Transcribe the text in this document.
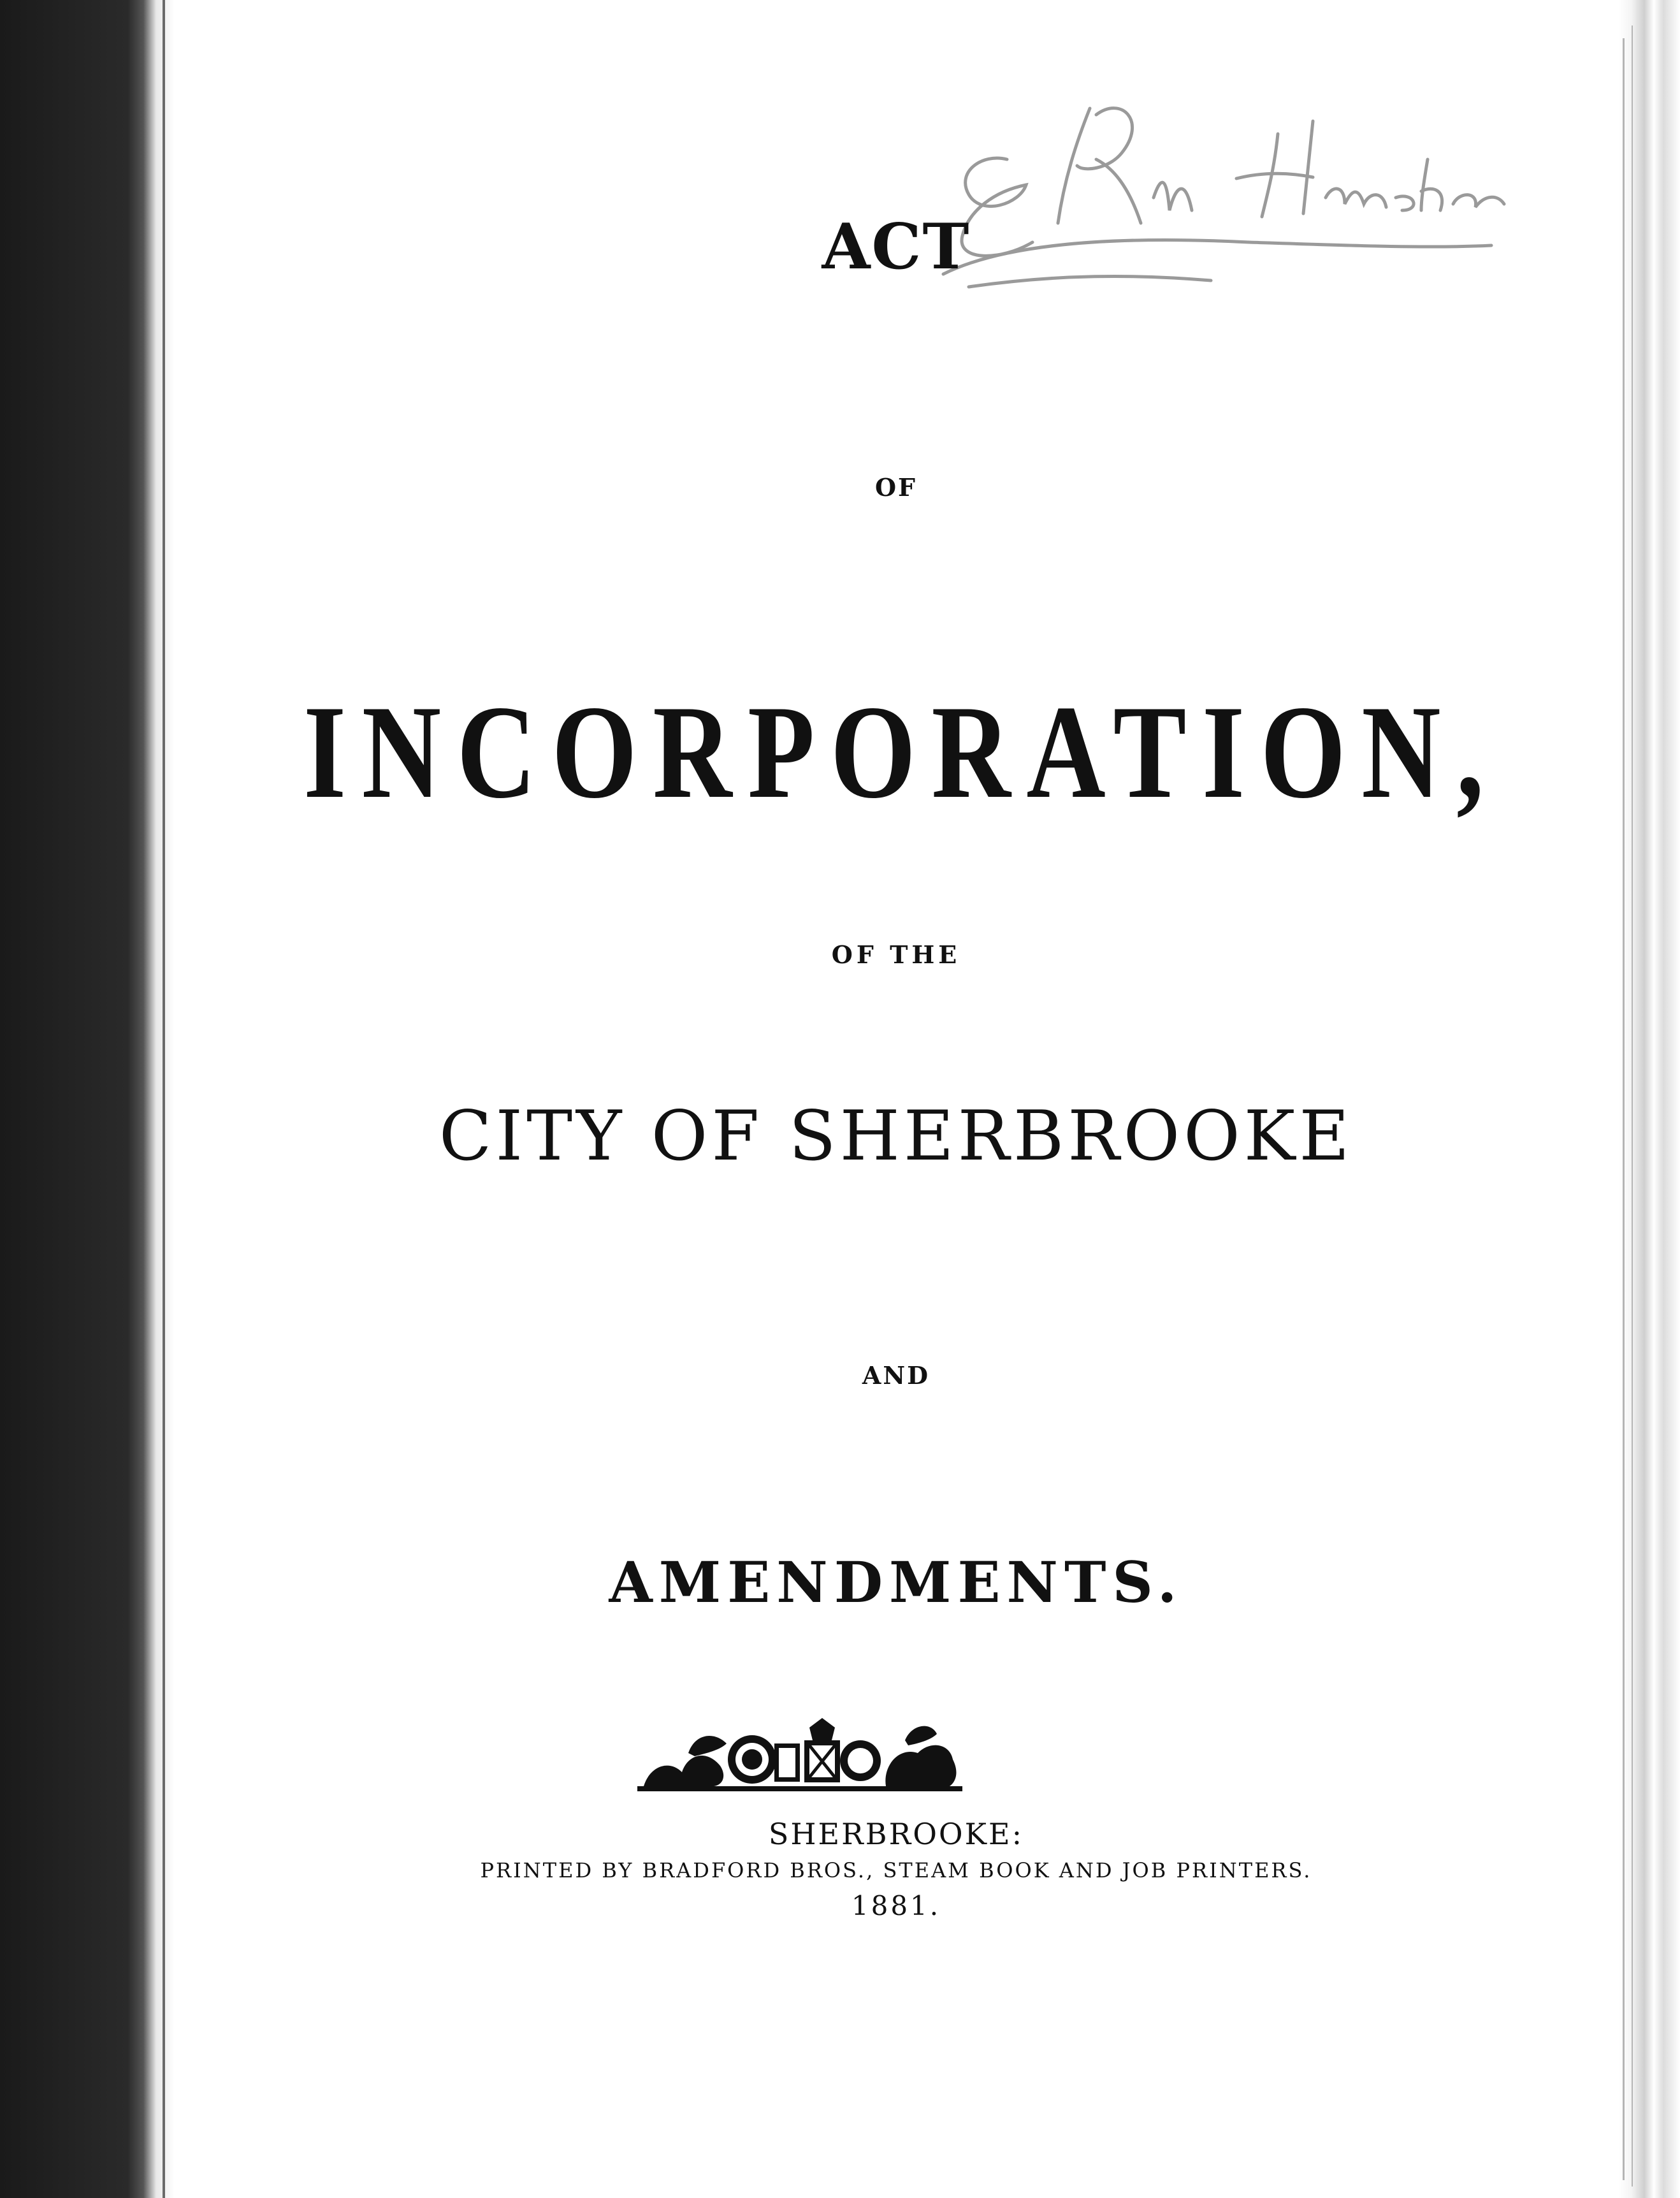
ACT
OF
INCORPORATION,
OF THE
CITY OF SHERBROOKE
AND
AMENDMENTS.
SHERBROOKE:
PRINTED BY BRADFORD BROS., STEAM BOOK AND JOB PRINTERS.
1881.
